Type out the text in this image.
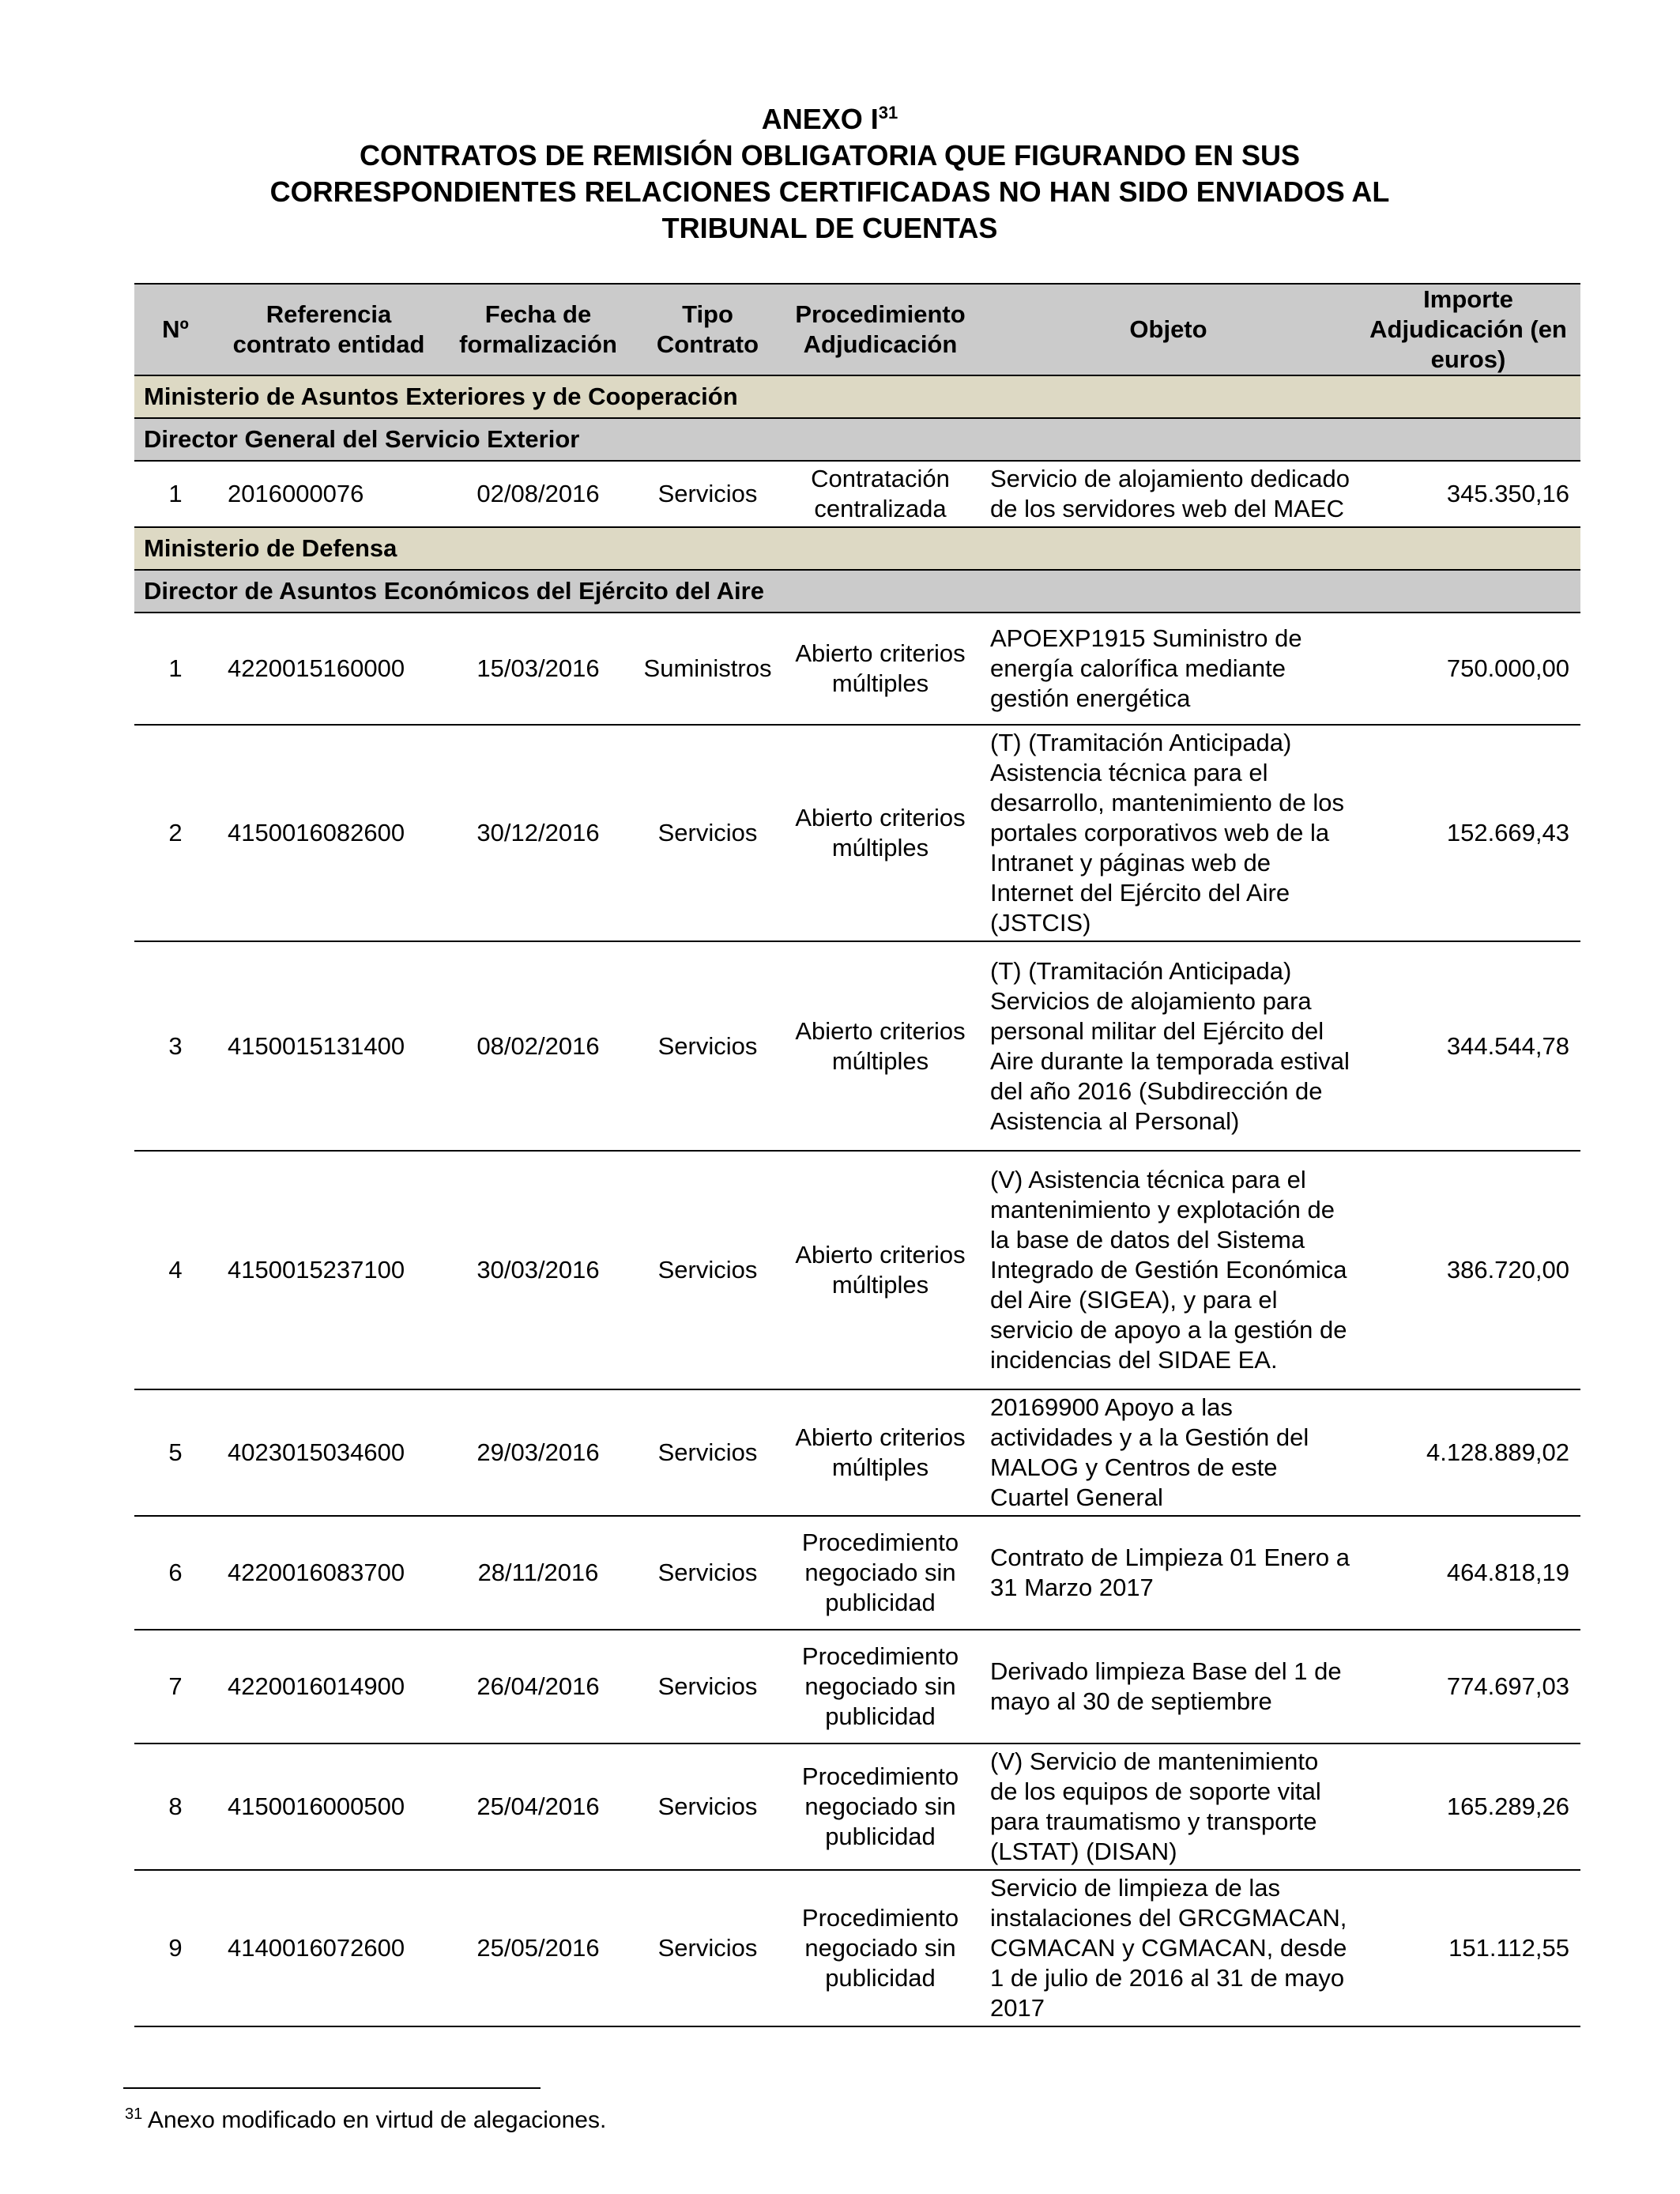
ANEXO $I^{31}$
CONTRATOS DE REMISIÓN OBLIGATORIA QUE FIGURANDO EN SUS
CORRESPONDIENTES RELACIONES CERTIFICADAS NO HAN SIDO ENVIADOS AL
TRIBUNAL DE CUENTAS
Nº	Referencia contrato entidad	Fecha de formalización	Tipo Contrato	Procedimiento Adjudicación	Objeto	Importe Adjudicación (en euros)
Ministerio de Asuntos Exteriores y de Cooperación						
Director General del Servicio Exterior						
1	2016000076	02/08/2016	Servicios	Contratación centralizada	Servicio de alojamiento dedicado de los servidores web del MAEC	345.350,16
Ministerio de Defensa						
Director de Asuntos Económicos del Ejército del Aire						
1	4220015160000	15/03/2016	Suministros	Abierto criterios múltiples	APOEXP1915 Suministro de energía calorífica mediante gestión energética	750.000,00
2	4150016082600	30/12/2016	Servicios	Abierto criterios múltiples	(T) (Tramitación Anticipada) Asistencia técnica para el desarrollo, mantenimiento de los portales corporativos web de la Intranet y páginas web de Internet del Ejército del Aire (JSTCIS)	152.669,43
3	4150015131400	08/02/2016	Servicios	Abierto criterios múltiples	(T) (Tramitación Anticipada) Servicios de alojamiento para personal militar del Ejército del Aire durante la temporada estival del año 2016 (Subdirección de Asistencia al Personal)	344.544,78
4	4150015237100	30/03/2016	Servicios	Abierto criterios múltiples	(V) Asistencia técnica para el mantenimiento y explotación de la base de datos del Sistema Integrado de Gestión Económica del Aire (SIGEA), y para el servicio de apoyo a la gestión de incidencias del SIDAE EA.	386.720,00
5	4023015034600	29/03/2016	Servicios	Abierto criterios múltiples	20169900 Apoyo a las actividades y a la Gestión del MALOG y Centros de este Cuartel General	4.128.889,02
6	4220016083700	28/11/2016	Servicios	Procedimiento negociado sin publicidad	Contrato de Limpieza 01 Enero a 31 Marzo 2017	464.818,19
7	4220016014900	26/04/2016	Servicios	Procedimiento negociado sin publicidad	Derivado limpieza Base del 1 de mayo al 30 de septiembre	774.697,03
8	4150016000500	25/04/2016	Servicios	Procedimiento negociado sin publicidad	(V) Servicio de mantenimiento de los equipos de soporte vital para traumatismo y transporte (LSTAT) (DISAN)	165.289,26
9	4140016072600	25/05/2016	Servicios	Procedimiento negociado sin publicidad	Servicio de limpieza de las instalaciones del GRCGMACAN, CGMACAN y CGMACAN, desde 1 de julio de 2016 al 31 de mayo 2017	151.112,55
$^{31}$ Anexo modificado en virtud de alegaciones.
